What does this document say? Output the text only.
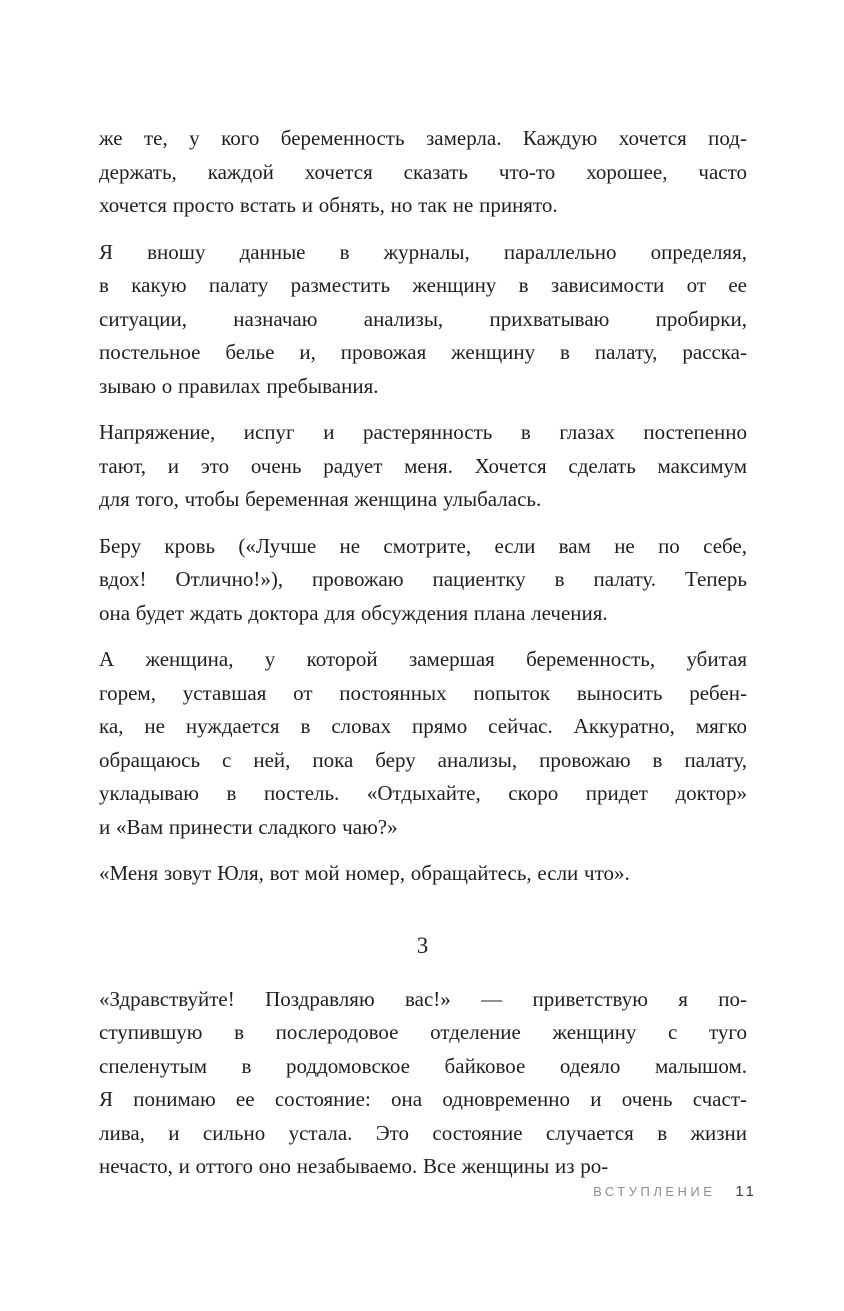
же те, у кого беременность замерла. Каждую хочется под-
держать, каждой хочется сказать что-то хорошее, часто
хочется просто встать и обнять, но так не принято.
Я вношу данные в журналы, параллельно определяя,
в какую палату разместить женщину в зависимости от ее
ситуации, назначаю анализы, прихватываю пробирки,
постельное белье и, провожая женщину в палату, расска-
зываю о правилах пребывания.
Напряжение, испуг и растерянность в глазах постепенно
тают, и это очень радует меня. Хочется сделать максимум
для того, чтобы беременная женщина улыбалась.
Беру кровь («Лучше не смотрите, если вам не по себе,
вдох! Отлично!»), провожаю пациентку в палату. Теперь
она будет ждать доктора для обсуждения плана лечения.
А женщина, у которой замершая беременность, убитая
горем, уставшая от постоянных попыток выносить ребен-
ка, не нуждается в словах прямо сейчас. Аккуратно, мягко
обращаюсь с ней, пока беру анализы, провожаю в палату,
укладываю в постель. «Отдыхайте, скоро придет доктор»
и «Вам принести сладкого чаю?»
«Меня зовут Юля, вот мой номер, обращайтесь, если что».
3
«Здравствуйте! Поздравляю вас!» — приветствую я по-
ступившую в послеродовое отделение женщину с туго
спеленутым в роддомовское байковое одеяло малышом.
Я понимаю ее состояние: она одновременно и очень счаст-
лива, и сильно устала. Это состояние случается в жизни
нечасто, и оттого оно незабываемо. Все женщины из ро-
ВСТУПЛЕНИЕ 11
